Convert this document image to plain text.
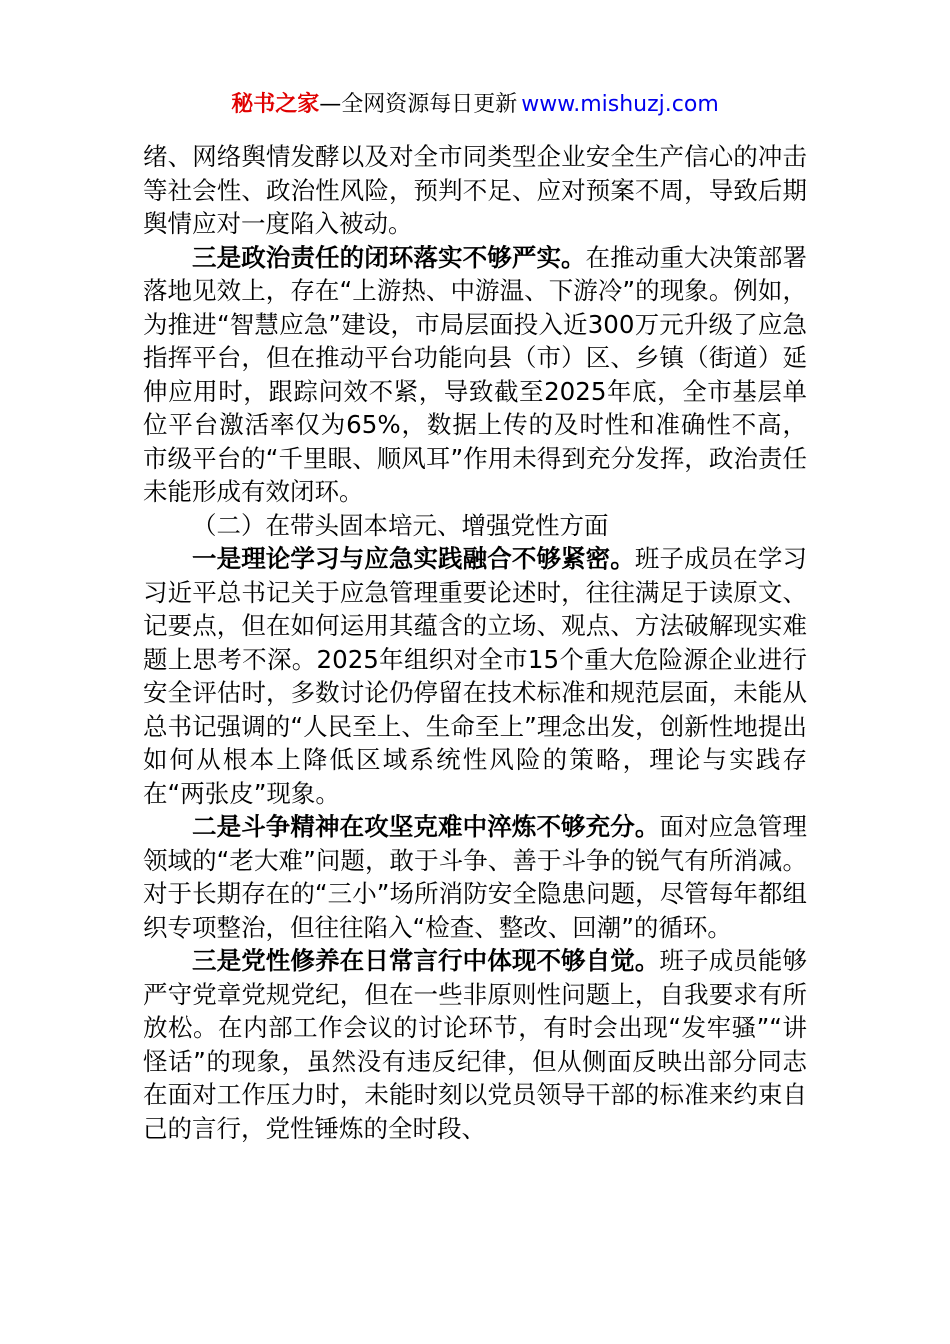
秘书之家—全网资源每日更新 www.mishuzj.com

绪、网络舆情发酵以及对全市同类型企业安全生产信心的冲击等社会性、政治性风险，预判不足、应对预案不周，导致后期舆情应对一度陷入被动。

三是政治责任的闭环落实不够严实。在推动重大决策部署落地见效上，存在“上游热、中游温、下游冷”的现象。例如，为推进“智慧应急”建设，市局层面投入近300万元升级了应急指挥平台，但在推动平台功能向县（市）区、乡镇（街道）延伸应用时，跟踪问效不紧，导致截至2025年底，全市基层单位平台激活率仅为65%，数据上传的及时性和准确性不高，市级平台的“千里眼、顺风耳”作用未得到充分发挥，政治责任未能形成有效闭环。

（二）在带头固本培元、增强党性方面

一是理论学习与应急实践融合不够紧密。班子成员在学习习近平总书记关于应急管理重要论述时，往往满足于读原文、记要点，但在如何运用其蕴含的立场、观点、方法破解现实难题上思考不深。2025年组织对全市15个重大危险源企业进行安全评估时，多数讨论仍停留在技术标准和规范层面，未能从总书记强调的“人民至上、生命至上”理念出发，创新性地提出如何从根本上降低区域系统性风险的策略，理论与实践存在“两张皮”现象。

二是斗争精神在攻坚克难中淬炼不够充分。面对应急管理领域的“老大难”问题，敢于斗争、善于斗争的锐气有所消减。对于长期存在的“三小”场所消防安全隐患问题，尽管每年都组织专项整治，但往往陷入“检查、整改、回潮”的循环。

三是党性修养在日常言行中体现不够自觉。班子成员能够严守党章党规党纪，但在一些非原则性问题上，自我要求有所放松。在内部工作会议的讨论环节，有时会出现“发牢骚”“讲怪话”的现象，虽然没有违反纪律，但从侧面反映出部分同志在面对工作压力时，未能时刻以党员领导干部的标准来约束自己的言行，党性锤炼的全时段、
